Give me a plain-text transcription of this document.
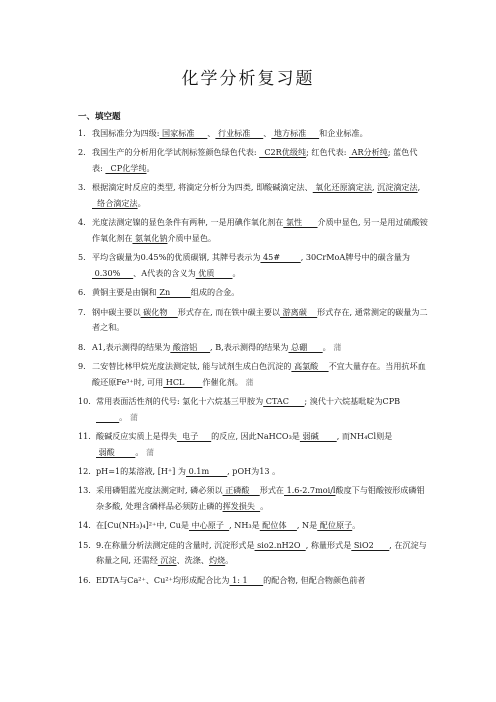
化学分析复习题
一、填空题
1. 我国标准分为四级: 国家标准     、 行业标准     、 地方标准     和企业标准。
2. 我国生产的分析用化学试剂标签颜色绿色代表:   C2R优级纯; 红色代表:  AR分析纯; 蓝色代表:   CP化学纯。
3. 根据滴定时反应的类型, 将滴定分析分为四类, 即酸碱滴定法、 氧化还原滴定法, 沉淀滴定法,   络合滴定法。
4. 光度法测定镍的显色条件有两种, 一是用碘作氧化剂在 氯性      介质中显色, 另一是用过硫酸铵作氧化剂在 氨氧化钠介质中显色。
5. 平均含碳量为0.45%的优质碳钢, 其牌号表示为 45#        , 30CrMoA牌号中的碳含量为 0.30%     、A代表的含义为 优质       。
6. 黄铜主要是由铜和 Zn        组成的合金。
7. 钢中碳主要以 碳化物    形式存在, 而在铁中碳主要以 游离碳    形式存在, 通常测定的碳量为二者之和。
8. A1,表示测得的结果为 酸溶铝     , B,表示测得的结果为 总硼      。 蒲
9. 二安替比林甲烷光度法测定钛, 能与试剂生成白色沉淀的 高氯酸    不宜大量存在。当用抗坏血酸还原Fe³⁺时, 可用 HCL       作催化剂。 蒲
10. 常用表面活性剂的代号: 氯化十六烷基三甲胺为 CTAC      ; 溴代十六烷基吡啶为CPB         。 蒲
11. 酸碱反应实质上是得失  电子     的反应, 因此NaHCO₃是 弱碱       , 而NH₄Cl则是 弱酸        。 蒲
12. pH=1的某溶液, [H⁺] 为 0.1m       , pOH为13 。
13. 采用磷钼蓝光度法测定时, 磷必须以 正磷酸    形式在 1.6-2.7moi/l酸度下与钼酸铵形成磷钼杂多酸, 处理含磷样品必须防止磷的挥发损失  。
14. 在[Cu(NH₃)₄]²⁺中, Cu是 中心原子  , NH₃是 配位体    , N是 配位原子。
15. 9.在称量分析法测定硅的含量时, 沉淀形式是 sio2.nH2O  , 称量形式是 SiO2      , 在沉淀与称量之间, 还需经 沉淀、洗涤、灼烧。
16. EDTA与Ca²⁺、Cu²⁺均形成配合比为 1: 1      的配合物, 但配合物颜色前者
